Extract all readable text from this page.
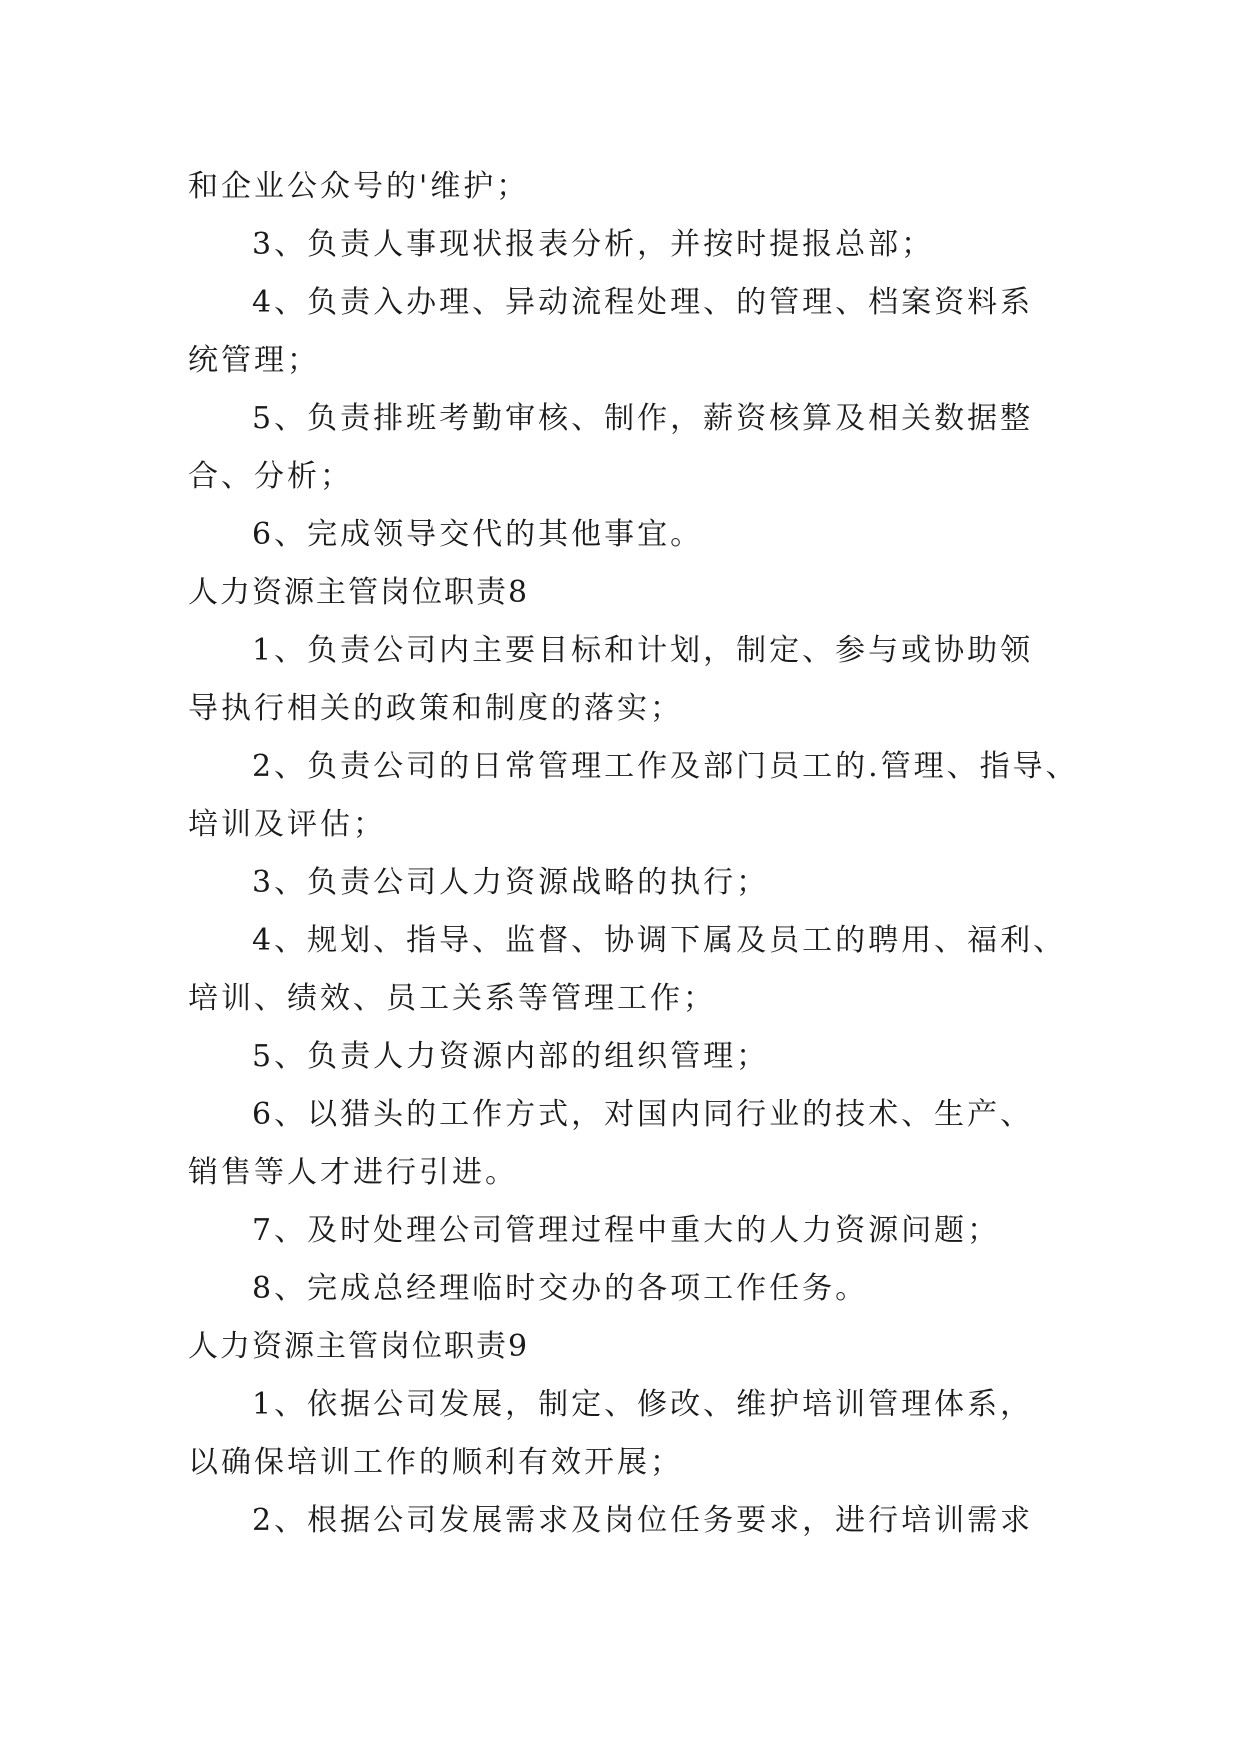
和企业公众号的'维护；

3、负责人事现状报表分析，并按时提报总部；

4、负责入办理、异动流程处理、的管理、档案资料系

统管理；

5、负责排班考勤审核、制作，薪资核算及相关数据整

合、分析；

6、完成领导交代的其他事宜。

人力资源主管岗位职责8

1、负责公司内主要目标和计划，制定、参与或协助领

导执行相关的政策和制度的落实；

2、负责公司的日常管理工作及部门员工的.管理、指导、

培训及评估；

3、负责公司人力资源战略的执行；

4、规划、指导、监督、协调下属及员工的聘用、福利、

培训、绩效、员工关系等管理工作；

5、负责人力资源内部的组织管理；

6、以猎头的工作方式，对国内同行业的技术、生产、

销售等人才进行引进。

7、及时处理公司管理过程中重大的人力资源问题；

8、完成总经理临时交办的各项工作任务。

人力资源主管岗位职责9

1、依据公司发展，制定、修改、维护培训管理体系，

以确保培训工作的顺利有效开展；

2、根据公司发展需求及岗位任务要求，进行培训需求
